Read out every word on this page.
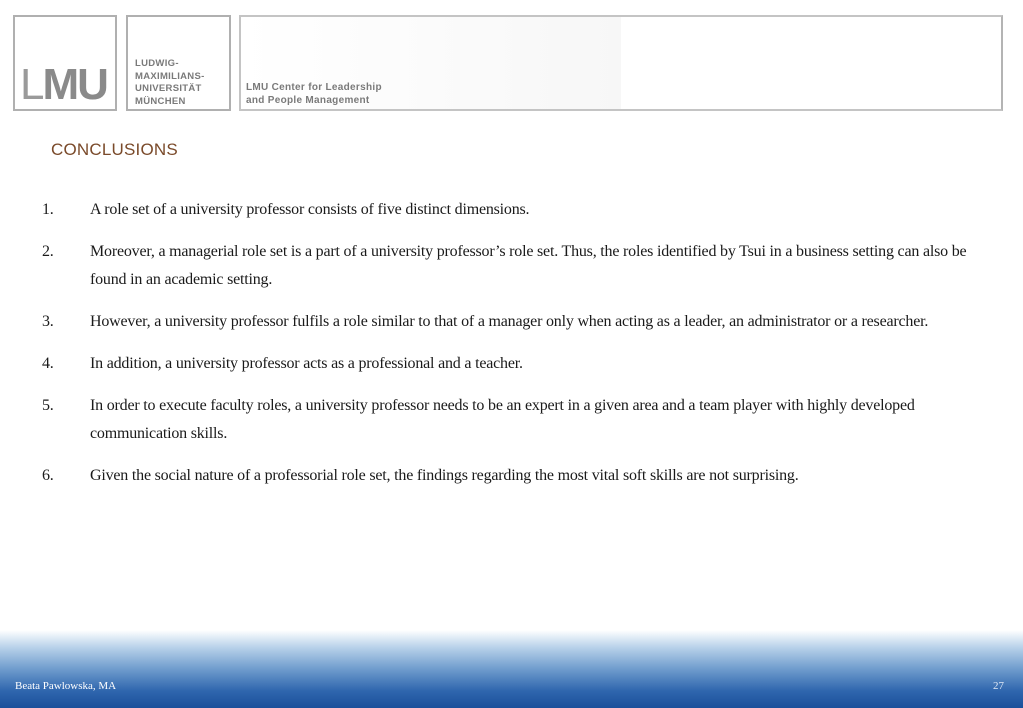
LMU	LUDWIG-
MAXIMILIANS-
UNIVERSITÄT
MÜNCHEN
LMU Center for Leadership
and People Management
CONCLUSIONS
1. A role set of a university professor consists of five distinct dimensions.
2. Moreover, a managerial role set is a part of a university professor’s role set. Thus, the roles identified by Tsui in a business setting can also be found in an academic setting.
3. However, a university professor fulfils a role similar to that of a manager only when acting as a leader, an administrator or a researcher.
4. In addition, a university professor acts as a professional and a teacher.
5. In order to execute faculty roles, a university professor needs to be an expert in a given area and a team player with highly developed communication skills.
6. Given the social nature of a professorial role set, the findings regarding the most vital soft skills are not surprising.
Beata Pawlowska, MA	27
